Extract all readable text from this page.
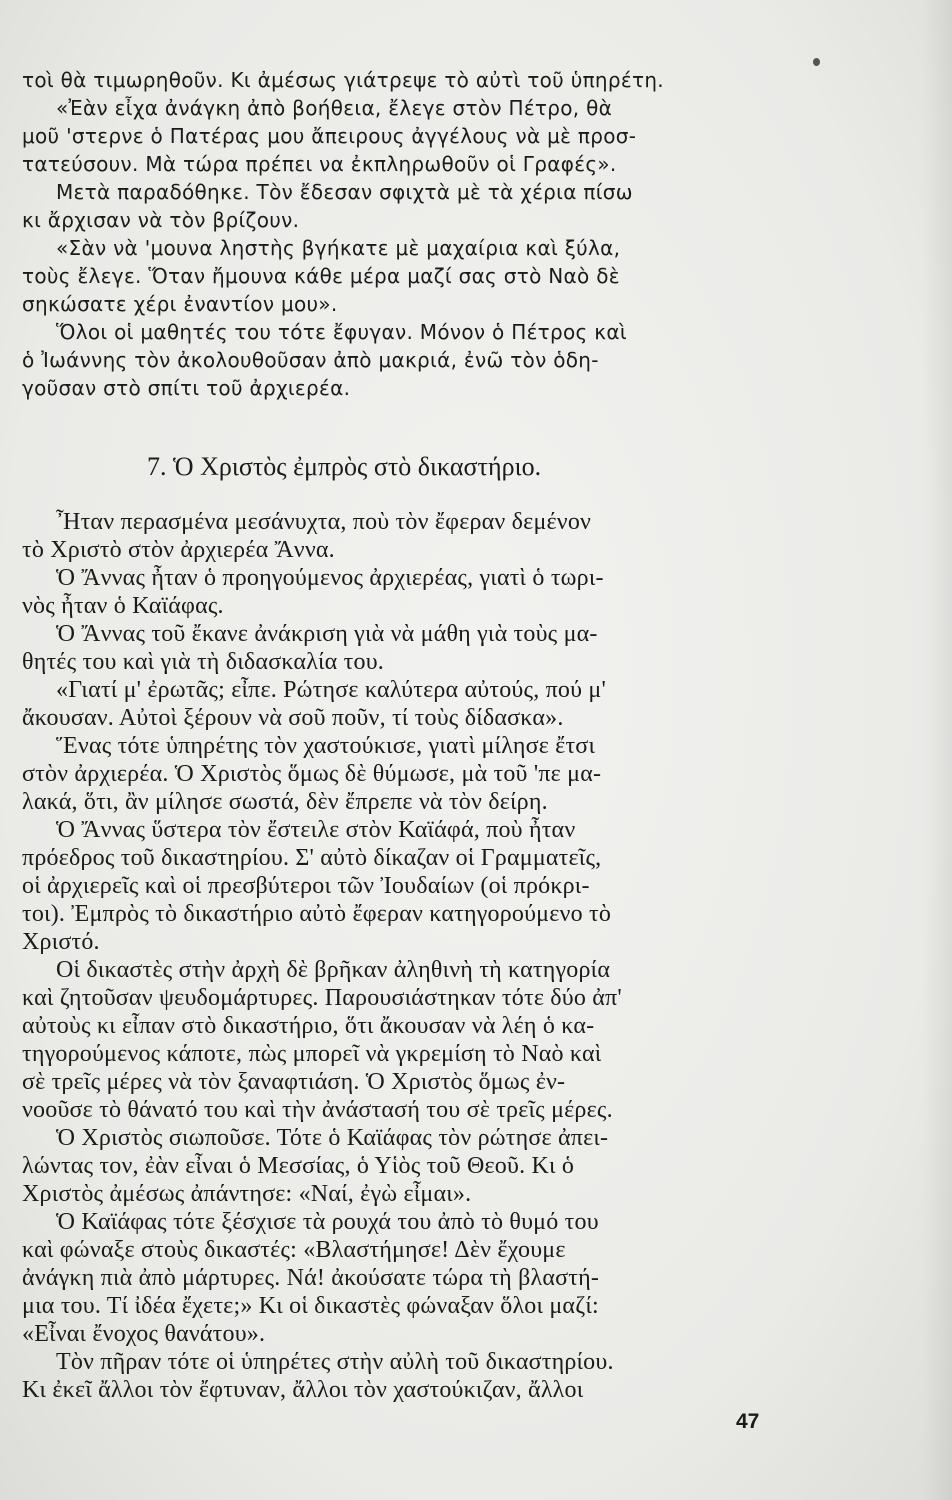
τοὶ θὰ τιμωρηθοῦν. Κι ἀμέσως γιάτρεψε τὸ αὐτὶ τοῦ ὑπηρέτη.
«Ἐὰν εἶχα ἀνάγκη ἀπὸ βοήθεια, ἔλεγε στὸν Πέτρο, θὰ
μοῦ 'στερνε ὁ Πατέρας μου ἄπειρους ἀγγέλους νὰ μὲ προσ-
τατεύσουν. Μὰ τώρα πρέπει να ἐκπληρωθοῦν οἱ Γραφές».
Μετὰ παραδόθηκε. Τὸν ἔδεσαν σφιχτὰ μὲ τὰ χέρια πίσω
κι ἄρχισαν νὰ τὸν βρίζουν.
«Σὰν νὰ 'μουνα ληστὴς βγήκατε μὲ μαχαίρια καὶ ξύλα,
τοὺς ἔλεγε. Ὅταν ἤμουνα κάθε μέρα μαζί σας στὸ Ναὸ δὲ
σηκώσατε χέρι ἐναντίον μου».
Ὅλοι οἱ μαθητές του τότε ἔφυγαν. Μόνον ὁ Πέτρος καὶ
ὁ Ἰωάννης τὸν ἀκολουθοῦσαν ἀπὸ μακριά, ἐνῶ τὸν ὁδη-
γοῦσαν στὸ σπίτι τοῦ ἀρχιερέα.
7. Ὁ Χριστὸς ἐμπρὸς στὸ δικαστήριο.
Ἦταν περασμένα μεσάνυχτα, ποὺ τὸν ἔφεραν δεμένον
τὸ Χριστὸ στὸν ἀρχιερέα Ἄννα.
Ὁ Ἄννας ἦταν ὁ προηγούμενος ἀρχιερέας, γιατὶ ὁ τωρι-
νὸς ἦταν ὁ Καϊάφας.
Ὁ Ἄννας τοῦ ἔκανε ἀνάκριση γιὰ νὰ μάθη γιὰ τοὺς μα-
θητές του καὶ γιὰ τὴ διδασκαλία του.
«Γιατί μ' ἐρωτᾶς; εἶπε. Ρώτησε καλύτερα αὐτούς, πού μ'
ἄκουσαν. Αὐτοὶ ξέρουν νὰ σοῦ ποῦν, τί τοὺς δίδασκα».
Ἕνας τότε ὑπηρέτης τὸν χαστούκισε, γιατὶ μίλησε ἔτσι
στὸν ἀρχιερέα. Ὁ Χριστὸς ὅμως δὲ θύμωσε, μὰ τοῦ 'πε μα-
λακά, ὅτι, ἂν μίλησε σωστά, δὲν ἔπρεπε νὰ τὸν δείρη.
Ὁ Ἄννας ὕστερα τὸν ἔστειλε στὸν Καϊάφά, ποὺ ἦταν
πρόεδρος τοῦ δικαστηρίου. Σ' αὐτὸ δίκαζαν οἱ Γραμματεῖς,
οἱ ἀρχιερεῖς καὶ οἱ πρεσβύτεροι τῶν Ἰουδαίων (οἱ πρόκρι-
τοι). Ἐμπρὸς τὸ δικαστήριο αὐτὸ ἔφεραν κατηγορούμενο τὸ
Χριστό.
Οἱ δικαστὲς στὴν ἀρχὴ δὲ βρῆκαν ἀληθινὴ τὴ κατηγορία
καὶ ζητοῦσαν ψευδομάρτυρες. Παρουσιάστηκαν τότε δύο ἀπ'
αὐτοὺς κι εἶπαν στὸ δικαστήριο, ὅτι ἄκουσαν νὰ λέη ὁ κα-
τηγορούμενος κάποτε, πὼς μπορεῖ νὰ γκρεμίση τὸ Ναὸ καὶ
σὲ τρεῖς μέρες νὰ τὸν ξαναφτιάση. Ὁ Χριστὸς ὅμως ἐν-
νοοῦσε τὸ θάνατό του καὶ τὴν ἀνάστασή του σὲ τρεῖς μέρες.
Ὁ Χριστὸς σιωποῦσε. Τότε ὁ Καϊάφας τὸν ρώτησε ἀπει-
λώντας τον, ἐὰν εἶναι ὁ Μεσσίας, ὁ Υἱὸς τοῦ Θεοῦ. Κι ὁ
Χριστὸς ἀμέσως ἀπάντησε: «Ναί, ἐγὼ εἶμαι».
Ὁ Καϊάφας τότε ξέσχισε τὰ ρουχά του ἀπὸ τὸ θυμό του
καὶ φώναξε στοὺς δικαστές: «Βλαστήμησε! Δὲν ἔχουμε
ἀνάγκη πιὰ ἀπὸ μάρτυρες. Νά! ἀκούσατε τώρα τὴ βλαστή-
μια του. Τί ἰδέα ἔχετε;» Κι οἱ δικαστὲς φώναξαν ὅλοι μαζί:
«Εἶναι ἔνοχος θανάτου».
Τὸν πῆραν τότε οἱ ὑπηρέτες στὴν αὐλὴ τοῦ δικαστηρίου.
Κι ἐκεῖ ἄλλοι τὸν ἔφτυναν, ἄλλοι τὸν χαστούκιζαν, ἄλλοι
47
